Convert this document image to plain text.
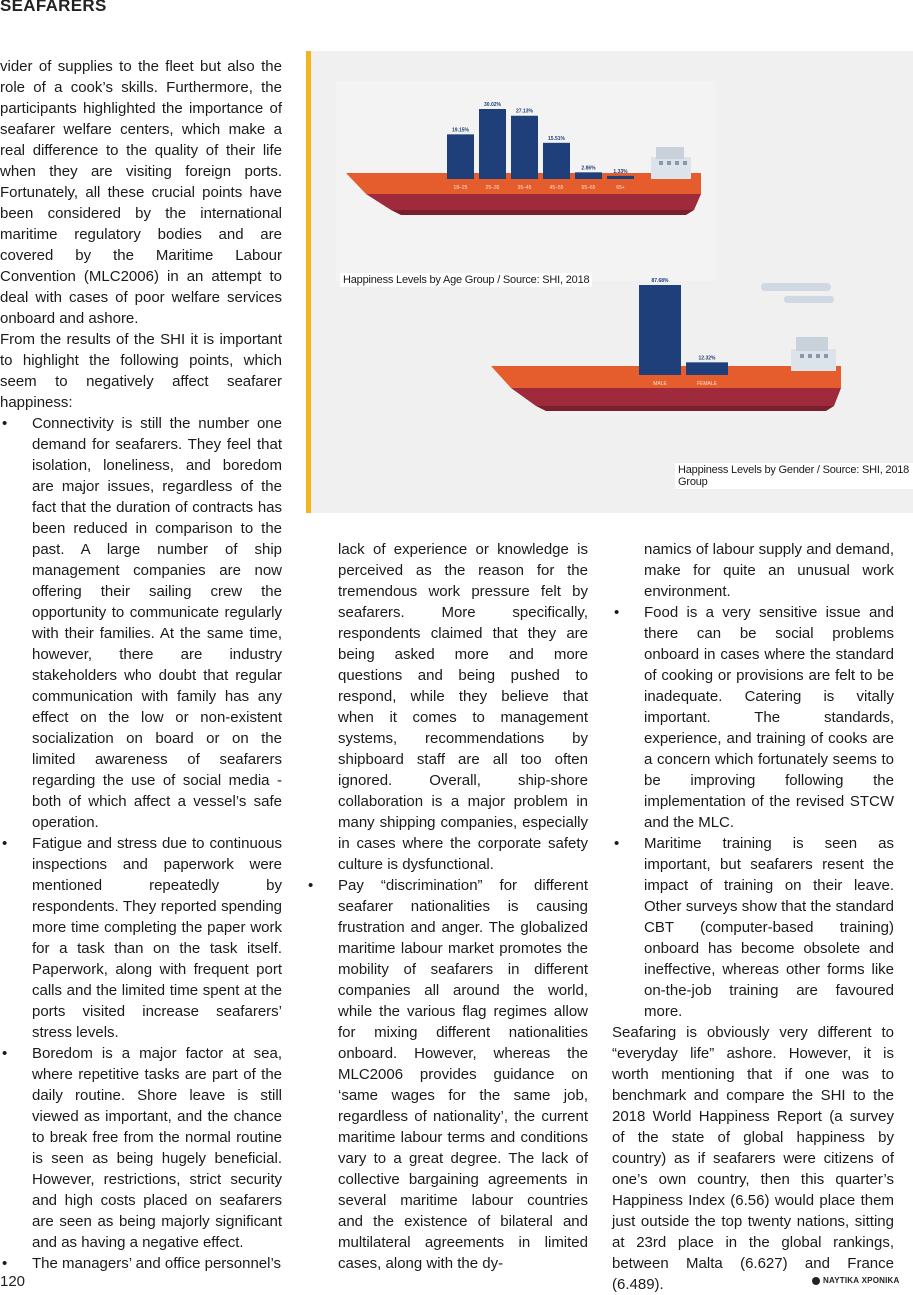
SEAFARERS

vider of supplies to the fleet but also the role of a cook’s skills. Furthermore, the participants highlighted the importance of seafarer welfare centers, which make a real difference to the quality of their life when they are visiting foreign ports. Fortunately, all these crucial points have been considered by the international maritime regulatory bodies and are covered by the Maritime Labour Convention (MLC2006) in an attempt to deal with cases of poor welfare services onboard and ashore.

From the results of the SHI it is important to highlight the following points, which seem to negatively affect seafarer happiness:

• Connectivity is still the number one demand for seafarers. They feel that isolation, loneliness, and boredom are major issues, regardless of the fact that the duration of contracts has been reduced in comparison to the past. A large number of ship management companies are now offering their sailing crew the opportunity to communicate regularly with their families. At the same time, however, there are industry stakeholders who doubt that regular communication with family has any effect on the low or non-existent socialization on board or on the limited awareness of seafarers regarding the use of social media - both of which affect a vessel’s safe operation.
• Fatigue and stress due to continuous inspections and paperwork were mentioned repeatedly by respondents. They reported spending more time completing the paper work for a task than on the task itself. Paperwork, along with frequent port calls and the limited time spent at the ports visited increase seafarers’ stress levels.
• Boredom is a major factor at sea, where repetitive tasks are part of the daily routine. Shore leave is still viewed as important, and the chance to break free from the normal routine is seen as being hugely beneficial. However, restrictions, strict security and high costs placed on seafarers are seen as being majorly significant and as having a negative effect.
• The managers’ and office personnel’s
19.15%
18–25
30.02%
25–35
27.13%
35–45
15.51%
45–55
2.86%
55–65
1.33%
65+
87.68%
MALE
12.32%
FEMALE
Happiness Levels by Age Group / Source: SHI, 2018
Happiness Levels by Gender / Source: SHI, 2018 Group

lack of experience or knowledge is perceived as the reason for the tremendous work pressure felt by seafarers. More specifically, respondents claimed that they are being asked more and more questions and being pushed to respond, while they believe that when it comes to management systems, recommendations by shipboard staff are all too often ignored. Overall, ship-shore collaboration is a major problem in many shipping companies, especially in cases where the corporate safety culture is dysfunctional.

• Pay “discrimination” for different seafarer nationalities is causing frustration and anger. The globalized maritime labour market promotes the mobility of seafarers in different companies all around the world, while the various flag regimes allow for mixing different nationalities onboard. However, whereas the MLC2006 provides guidance on ‘same wages for the same job, regardless of nationality’, the current maritime labour terms and conditions vary to a great degree. The lack of collective bargaining agreements in several maritime labour countries and the existence of bilateral and multilateral agreements in limited cases, along with the dy-

namics of labour supply and demand, make for quite an unusual work environment.

• Food is a very sensitive issue and there can be social problems onboard in cases where the standard of cooking or provisions are felt to be inadequate. Catering is vitally important. The standards, experience, and training of cooks are a concern which fortunately seems to be improving following the implementation of the revised STCW and the MLC.
• Maritime training is seen as important, but seafarers resent the impact of training on their leave. Other surveys show that the standard CBT (computer-based training) onboard has become obsolete and ineffective, whereas other forms like on-the-job training are favoured more.

Seafaring is obviously very different to “everyday life” ashore. However, it is worth mentioning that if one was to benchmark and compare the SHI to the 2018 World Happiness Report (a survey of the state of global happiness by country) as if seafarers were citizens of one’s own country, then this quarter’s Happiness Index (6.56) would place them just outside the top twenty nations, sitting at 23rd place in the global rankings, between Malta (6.627) and France (6.489).

120	ΝΑΥΤΙΚΑ ΧΡΟΝΙΚΑ
